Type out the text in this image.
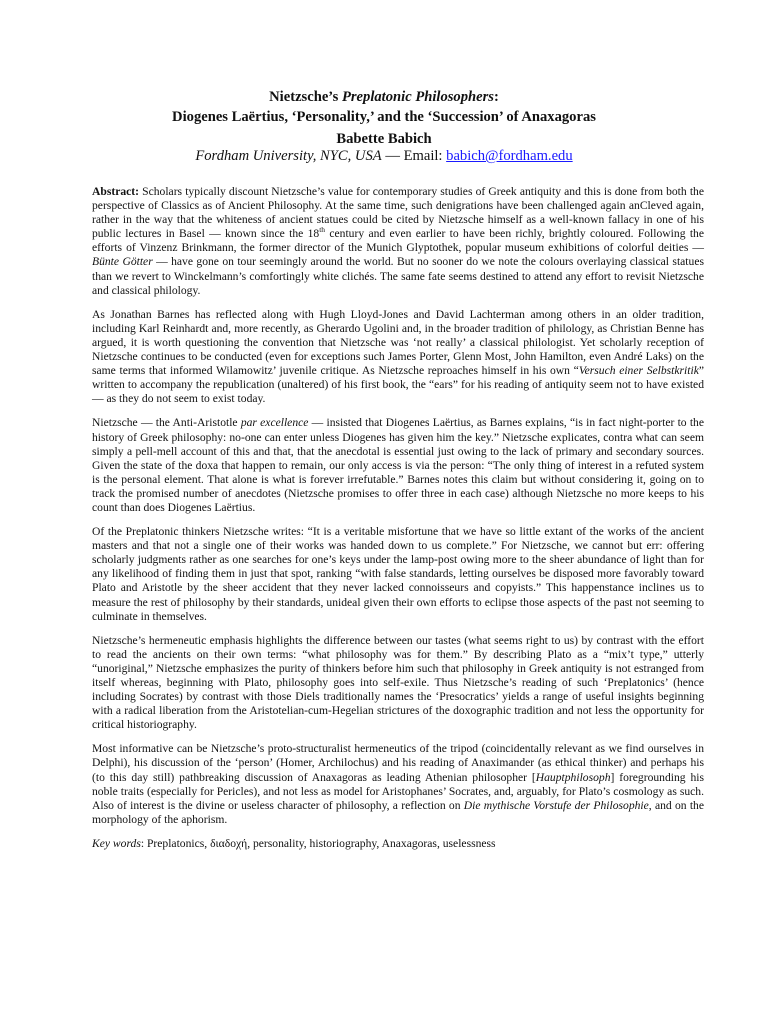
Nietzsche’s Preplatonic Philosophers:
Diogenes Laërtius, ‘Personality,’ and the ‘Succession’ of Anaxagoras
Babette Babich
Fordham University, NYC, USA — Email: babich@fordham.edu

Abstract: Scholars typically discount Nietzsche’s value for contemporary studies of Greek antiquity and this is done from both the perspective of Classics as of Ancient Philosophy. At the same time, such denigrations have been challenged again anCleved again, rather in the way that the whiteness of ancient statues could be cited by Nietzsche himself as a well-known fallacy in one of his public lectures in Basel — known since the 18th century and even earlier to have been richly, brightly coloured. Following the efforts of Vinzenz Brinkmann, the former director of the Munich Glyptothek, popular museum exhibitions of colorful deities — Bünte Götter — have gone on tour seemingly around the world. But no sooner do we note the colours overlaying classical statues than we revert to Winckelmann’s comfortingly white clichés. The same fate seems destined to attend any effort to revisit Nietzsche and classical philology.

As Jonathan Barnes has reflected along with Hugh Lloyd-Jones and David Lachterman among others in an older tradition, including Karl Reinhardt and, more recently, as Gherardo Ugolini and, in the broader tradition of philology, as Christian Benne has argued, it is worth questioning the convention that Nietzsche was ‘not really’ a classical philologist. Yet scholarly reception of Nietzsche continues to be conducted (even for exceptions such James Porter, Glenn Most, John Hamilton, even André Laks) on the same terms that informed Wilamowitz’ juvenile critique. As Nietzsche reproaches himself in his own “Versuch einer Selbstkritik” written to accompany the republication (unaltered) of his first book, the “ears” for his reading of antiquity seem not to have existed — as they do not seem to exist today.

Nietzsche — the Anti-Aristotle par excellence — insisted that Diogenes Laërtius, as Barnes explains, “is in fact night-porter to the history of Greek philosophy: no-one can enter unless Diogenes has given him the key.” Nietzsche explicates, contra what can seem simply a pell-mell account of this and that, that the anecdotal is essential just owing to the lack of primary and secondary sources. Given the state of the doxa that happen to remain, our only access is via the person: “The only thing of interest in a refuted system is the personal element. That alone is what is forever irrefutable.” Barnes notes this claim but without considering it, going on to track the promised number of anecdotes (Nietzsche promises to offer three in each case) although Nietzsche no more keeps to his count than does Diogenes Laërtius.

Of the Preplatonic thinkers Nietzsche writes: “It is a veritable misfortune that we have so little extant of the works of the ancient masters and that not a single one of their works was handed down to us complete.” For Nietzsche, we cannot but err: offering scholarly judgments rather as one searches for one’s keys under the lamp-post owing more to the sheer abundance of light than for any likelihood of finding them in just that spot, ranking “with false standards, letting ourselves be disposed more favorably toward Plato and Aristotle by the sheer accident that they never lacked connoisseurs and copyists.” This happenstance inclines us to measure the rest of philosophy by their standards, unideal given their own efforts to eclipse those aspects of the past not seeming to culminate in themselves.

Nietzsche’s hermeneutic emphasis highlights the difference between our tastes (what seems right to us) by contrast with the effort to read the ancients on their own terms: “what philosophy was for them.” By describing Plato as a “mix’t type,” utterly “unoriginal,” Nietzsche emphasizes the purity of thinkers before him such that philosophy in Greek antiquity is not estranged from itself whereas, beginning with Plato, philosophy goes into self-exile. Thus Nietzsche’s reading of such ‘Preplatonics’ (hence including Socrates) by contrast with those Diels traditionally names the ‘Presocratics’ yields a range of useful insights beginning with a radical liberation from the Aristotelian-cum-Hegelian strictures of the doxographic tradition and not less the opportunity for critical historiography.

Most informative can be Nietzsche’s proto-structuralist hermeneutics of the tripod (coincidentally relevant as we find ourselves in Delphi), his discussion of the ‘person’ (Homer, Archilochus) and his reading of Anaximander (as ethical thinker) and perhaps his (to this day still) pathbreaking discussion of Anaxagoras as leading Athenian philosopher [Hauptphilosoph] foregrounding his noble traits (especially for Pericles), and not less as model for Aristophanes’ Socrates, and, arguably, for Plato’s cosmology as such. Also of interest is the divine or useless character of philosophy, a reflection on Die mythische Vorstufe der Philosophie, and on the morphology of the aphorism.

Key words: Preplatonics, διαδοχή, personality, historiography, Anaxagoras, uselessness
